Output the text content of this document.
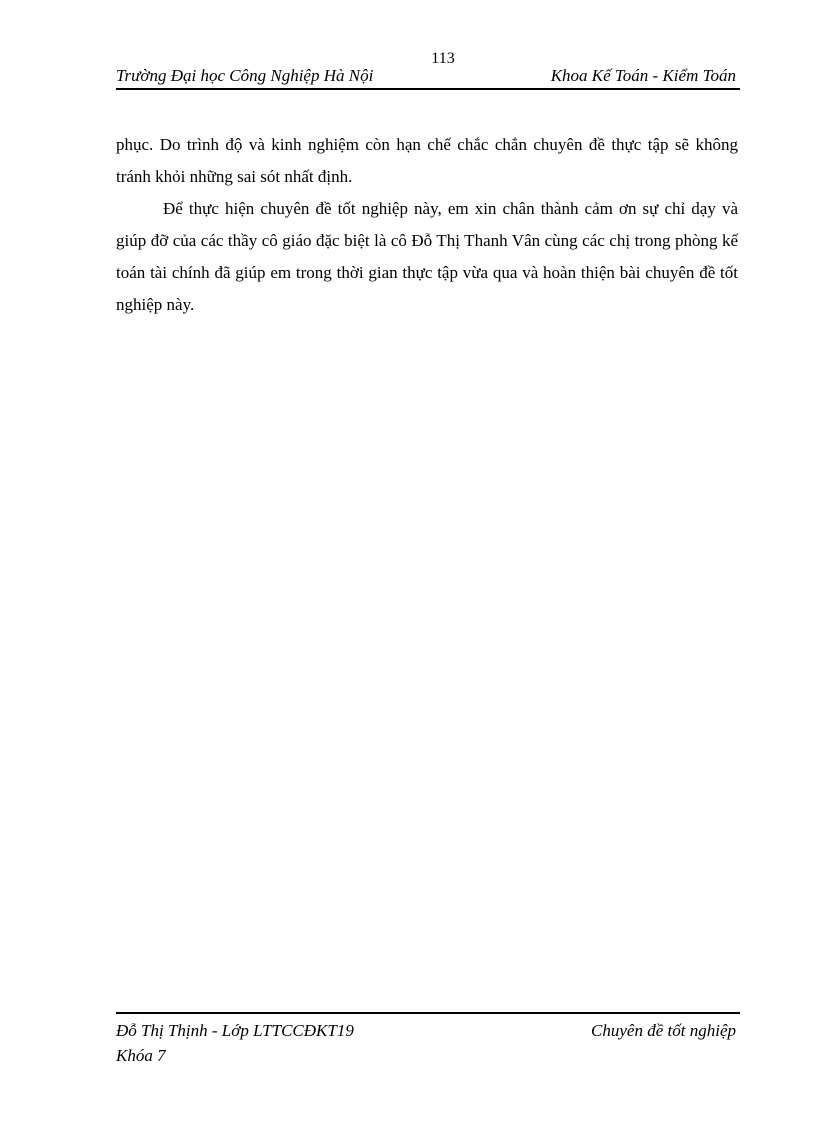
113
Trường Đại học Công Nghiệp Hà Nội	Khoa Kế Toán - Kiểm Toán

phục. Do trình độ và kinh nghiệm còn hạn chế chắc chắn chuyên đề thực tập sẽ không tránh khỏi những sai sót nhất định.

Để thực hiện chuyên đề tốt nghiệp này, em xin chân thành cảm ơn sự chỉ dạy và giúp đỡ của các thầy cô giáo đặc biệt là cô Đỗ Thị Thanh Vân cùng các chị trong phòng kế toán tài chính đã giúp em trong thời gian thực tập vừa qua và hoàn thiện bài chuyên đề tốt nghiệp này.

Đỗ Thị Thịnh - Lớp LTTCCĐKT19	Chuyên đề tốt nghiệp
Khóa 7
